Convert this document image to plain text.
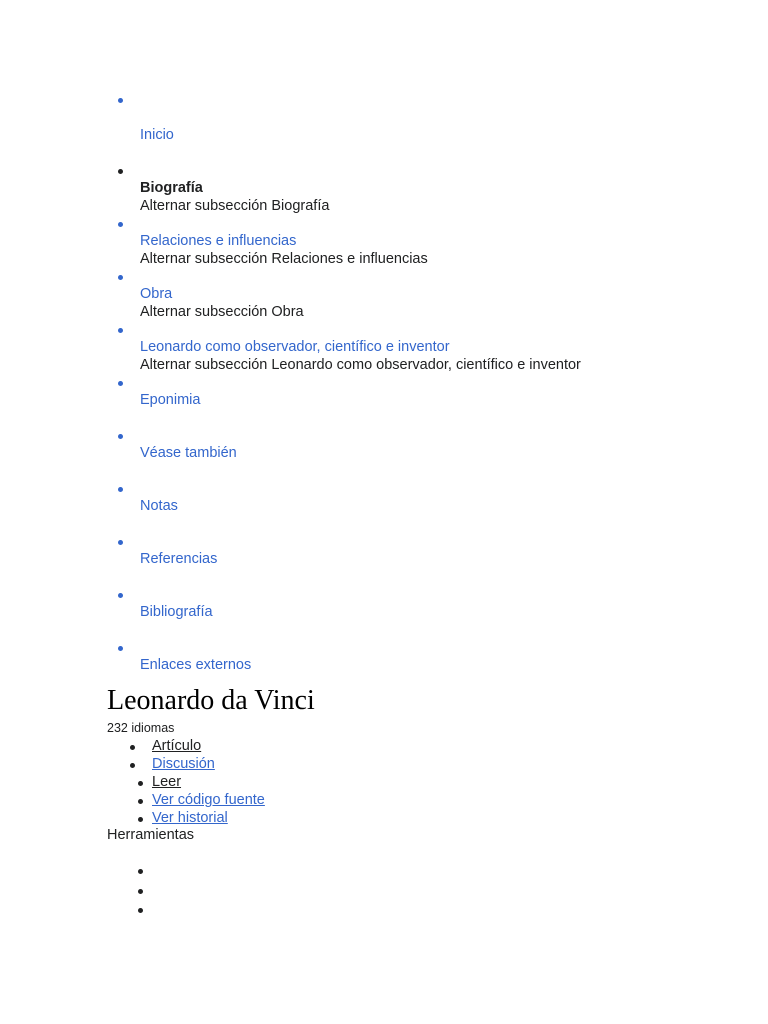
Inicio
Biografía
Alternar subsección Biografía
Relaciones e influencias
Alternar subsección Relaciones e influencias
Obra
Alternar subsección Obra
Leonardo como observador, científico e inventor
Alternar subsección Leonardo como observador, científico e inventor
Eponimia
Véase también
Notas
Referencias
Bibliografía
Enlaces externos
Leonardo da Vinci
232 idiomas
Artículo
Discusión
Leer
Ver código fuente
Ver historial
Herramientas
